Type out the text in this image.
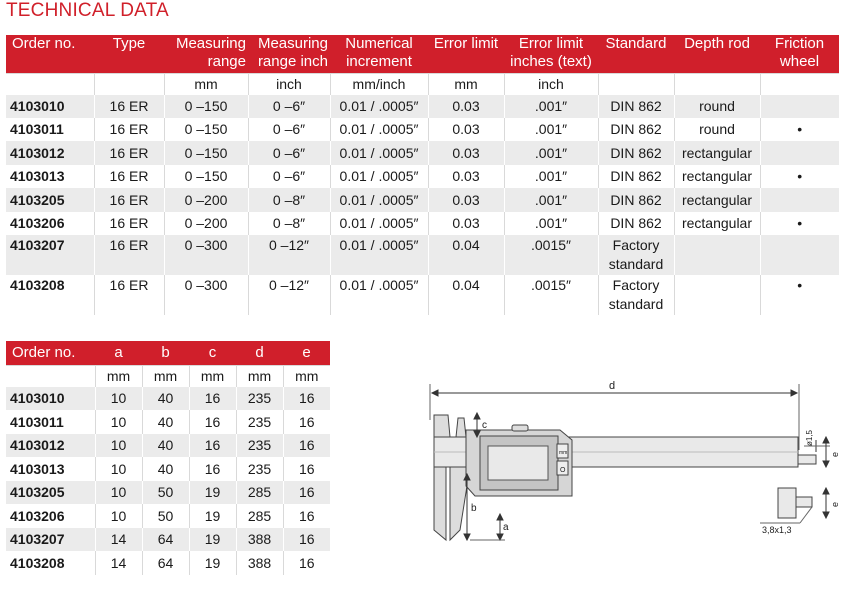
TECHNICAL DATA
Order no.	Type	Measuring range	Measuring range inch	Numerical increment	Error limit	Error limit inches (text)	Standard	Depth rod	Friction wheel
		mm	inch	mm/inch	mm	inch			
4103010	16 ER	0 –150	0 –6″	0.01 / .0005″	0.03	.001″	DIN 862	round	
4103011	16 ER	0 –150	0 –6″	0.01 / .0005″	0.03	.001″	DIN 862	round	•
4103012	16 ER	0 –150	0 –6″	0.01 / .0005″	0.03	.001″	DIN 862	rectangular	
4103013	16 ER	0 –150	0 –6″	0.01 / .0005″	0.03	.001″	DIN 862	rectangular	•
4103205	16 ER	0 –200	0 –8″	0.01 / .0005″	0.03	.001″	DIN 862	rectangular	
4103206	16 ER	0 –200	0 –8″	0.01 / .0005″	0.03	.001″	DIN 862	rectangular	•
4103207	16 ER	0 –300	0 –12″	0.01 / .0005″	0.04	.0015″	Factory standard		
4103208	16 ER	0 –300	0 –12″	0.01 / .0005″	0.04	.0015″	Factory standard		•
Order no.	a	b	c	d	e
	mm	mm	mm	mm	mm
4103010	10	40	16	235	16
4103011	10	40	16	235	16
4103012	10	40	16	235	16
4103013	10	40	16	235	16
4103205	10	50	19	285	16
4103206	10	50	19	285	16
4103207	14	64	19	388	16
4103208	14	64	19	388	16
d
c
b
a
mm
O
ø1,5
e
e
3,8x1,3
